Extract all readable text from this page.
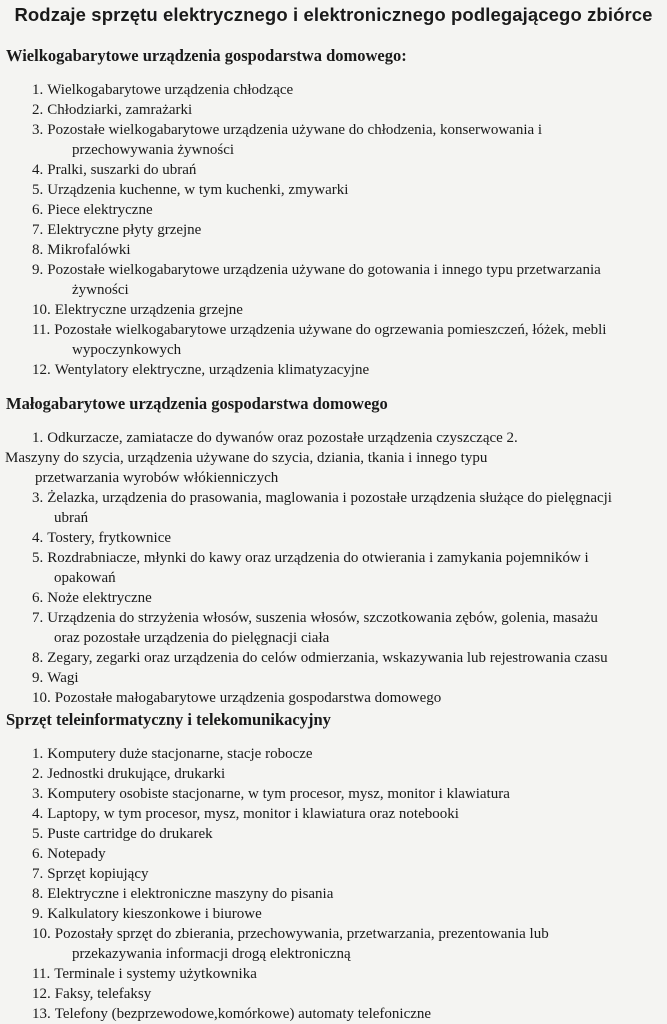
Rodzaje sprzętu elektrycznego i elektronicznego podlegającego zbiórce
Wielkogabarytowe urządzenia gospodarstwa domowego:
1.Wielkogabarytowe urządzenia chłodzące
2.Chłodziarki, zamrażarki
3.Pozostałe wielkogabarytowe urządzenia używane do chłodzenia, konserwowania i
przechowywania żywności
4.Pralki, suszarki do ubrań
5.Urządzenia kuchenne, w tym kuchenki, zmywarki
6.Piece elektryczne
7.Elektryczne płyty grzejne
8.Mikrofalówki
9.Pozostałe wielkogabarytowe urządzenia używane do gotowania i innego typu przetwarzania
żywności
10.Elektryczne urządzenia grzejne
11.Pozostałe wielkogabarytowe urządzenia używane do ogrzewania pomieszczeń, łóżek, mebli
wypoczynkowych
12.Wentylatory elektryczne, urządzenia klimatyzacyjne
Małogabarytowe urządzenia gospodarstwa domowego
1.Odkurzacze, zamiatacze do dywanów oraz pozostałe urządzenia czyszczące 2.
Maszyny do szycia, urządzenia używane do szycia, dziania, tkania i innego typu
przetwarzania wyrobów włókienniczych
3.Żelazka, urządzenia do prasowania, maglowania i pozostałe urządzenia służące do pielęgnacji
ubrań
4.Tostery, frytkownice
5.Rozdrabniacze, młynki do kawy oraz urządzenia do otwierania i zamykania pojemników i
opakowań
6.Noże elektryczne
7.Urządzenia do strzyżenia włosów, suszenia włosów, szczotkowania zębów, golenia, masażu
oraz pozostałe urządzenia do pielęgnacji ciała
8.Zegary, zegarki oraz urządzenia do celów odmierzania, wskazywania lub rejestrowania czasu
9.Wagi
10.Pozostałe małogabarytowe urządzenia gospodarstwa domowego
Sprzęt teleinformatyczny i telekomunikacyjny
1.Komputery duże stacjonarne, stacje robocze
2.Jednostki drukujące, drukarki
3.Komputery osobiste stacjonarne, w tym procesor, mysz, monitor i klawiatura
4.Laptopy, w tym procesor, mysz, monitor i klawiatura oraz notebooki
5.Puste cartridge do drukarek
6.Notepady
7.Sprzęt kopiujący
8.Elektryczne i elektroniczne maszyny do pisania
9.Kalkulatory kieszonkowe i biurowe
10.Pozostały sprzęt do zbierania, przechowywania, przetwarzania, prezentowania lub
przekazywania informacji drogą elektroniczną
11.Terminale i systemy użytkownika
12.Faksy, telefaksy
13.Telefony (bezprzewodowe,komórkowe) automaty telefoniczne
